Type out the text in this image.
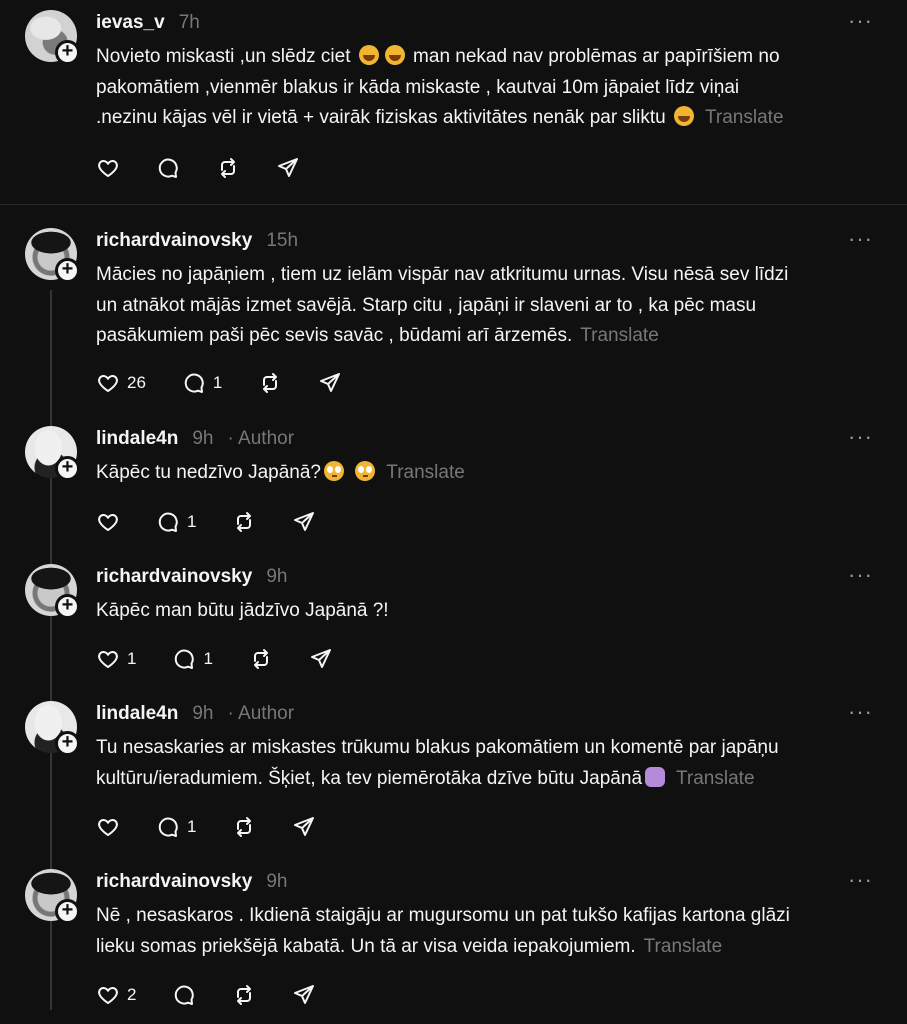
+
ievas_v 7h	···
Novieto miskasti ,un slēdz ciet	man nekad nav problēmas ar papīrīšiem no
pakomātiem ,vienmēr blakus ir kāda miskaste , kautvai 10m jāpaiet līdz viņai
.nezinu kājas vēl ir vietā + vairāk fiziskas aktivitātes nenāk par sliktu Translate
+
richardvainovsky 15h	···
Mācies no japāņiem , tiem uz ielām vispār nav atkritumu urnas. Visu nēsā sev līdzi
un atnākot mājās izmet savējā. Starp citu , japāņi ir slaveni ar to , ka pēc masu
pasākumiem paši pēc sevis savāc , būdami arī ārzemēs. Translate
26	1
+
lindale4n 9h · Author	···
Kāpēc tu nedzīvo Japānā?	Translate
1
+
richardvainovsky 9h	···
Kāpēc man būtu jādzīvo Japānā ?!
1	1
+
lindale4n 9h · Author	···
Tu nesaskaries ar miskastes trūkumu blakus pakomātiem un komentē par japāņu
kultūru/ieradumiem. Šķiet, ka tev piemērotāka dzīve būtu Japānā Translate
1
+
richardvainovsky 9h	···
Nē , nesaskaros . Ikdienā staigāju ar mugursomu un pat tukšo kafijas kartona glāzi
lieku somas priekšējā kabatā. Un tā ar visa veida iepakojumiem. Translate
2
